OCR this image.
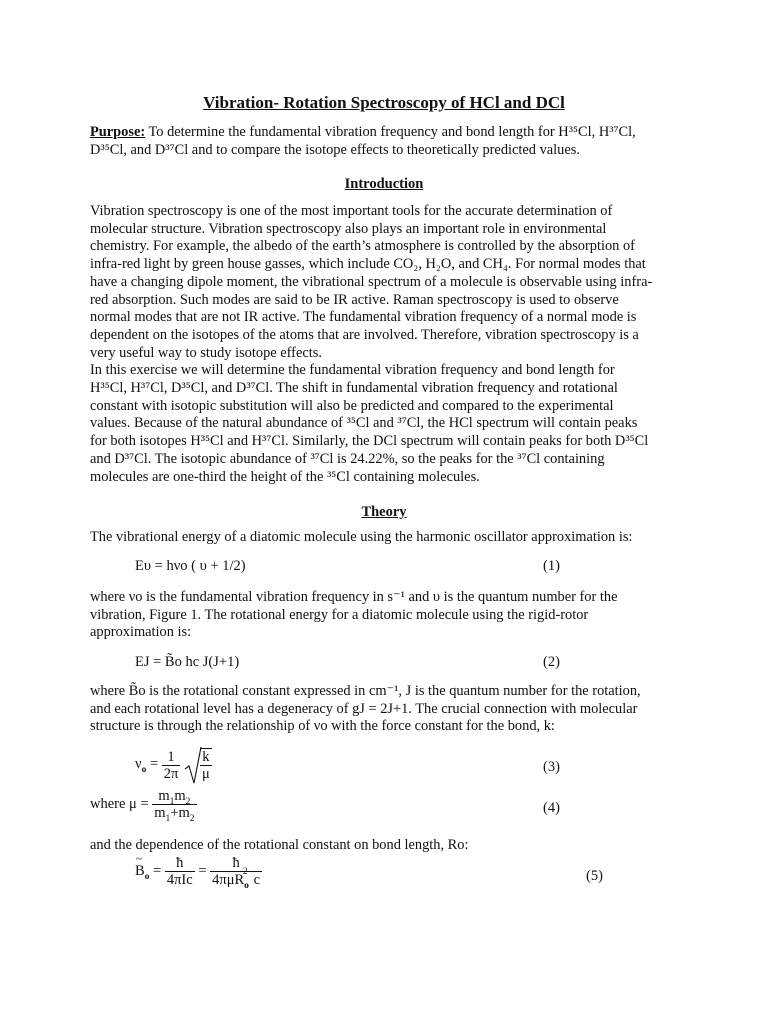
Vibration- Rotation Spectroscopy of HCl and DCl
Purpose: To determine the fundamental vibration frequency and bond length for H³⁵Cl, H³⁷Cl,
D³⁵Cl, and D³⁷Cl and to compare the isotope effects to theoretically predicted values.
Introduction
Vibration spectroscopy is one of the most important tools for the accurate determination of
molecular structure. Vibration spectroscopy also plays an important role in environmental
chemistry. For example, the albedo of the earth’s atmosphere is controlled by the absorption of
infra-red light by green house gasses, which include CO₂, H₂O, and CH₄. For normal modes that
have a changing dipole moment, the vibrational spectrum of a molecule is observable using infra-
red absorption. Such modes are said to be IR active. Raman spectroscopy is used to observe
normal modes that are not IR active. The fundamental vibration frequency of a normal mode is
dependent on the isotopes of the atoms that are involved. Therefore, vibration spectroscopy is a
very useful way to study isotope effects.
In this exercise we will determine the fundamental vibration frequency and bond length for
H³⁵Cl, H³⁷Cl, D³⁵Cl, and D³⁷Cl. The shift in fundamental vibration frequency and rotational
constant with isotopic substitution will also be predicted and compared to the experimental
values. Because of the natural abundance of ³⁵Cl and ³⁷Cl, the HCl spectrum will contain peaks
for both isotopes H³⁵Cl and H³⁷Cl. Similarly, the DCl spectrum will contain peaks for both D³⁵Cl
and D³⁷Cl. The isotopic abundance of ³⁷Cl is 24.22%, so the peaks for the ³⁷Cl containing
molecules are one-third the height of the ³⁵Cl containing molecules.
Theory
The vibrational energy of a diatomic molecule using the harmonic oscillator approximation is:
Eυ = hνo ( υ + 1/2)	(1)
where νo is the fundamental vibration frequency in s⁻¹ and υ is the quantum number for the
vibration, Figure 1. The rotational energy for a diatomic molecule using the rigid-rotor
approximation is:
EJ = B̃o hc J(J+1)	(2)
where B̃o is the rotational constant expressed in cm⁻¹, J is the quantum number for the rotation,
and each rotational level has a degeneracy of gJ = 2J+1. The crucial connection with molecular
structure is through the relationship of νo with the force constant for the bond, k:
$\nu_o = \frac{1}{2\pi}$
$\frac{k}{\mu}$	(3)
where $\mu = \frac{m_1m_2}{m_1+m_2}$	(4)
and the dependence of the rotational constant on bond length, Ro:
~ $B_o = \frac{ħ}{\text{4πIc}} = \frac{ħ}{4\pi\mu R_o^2 c}$	(5)
